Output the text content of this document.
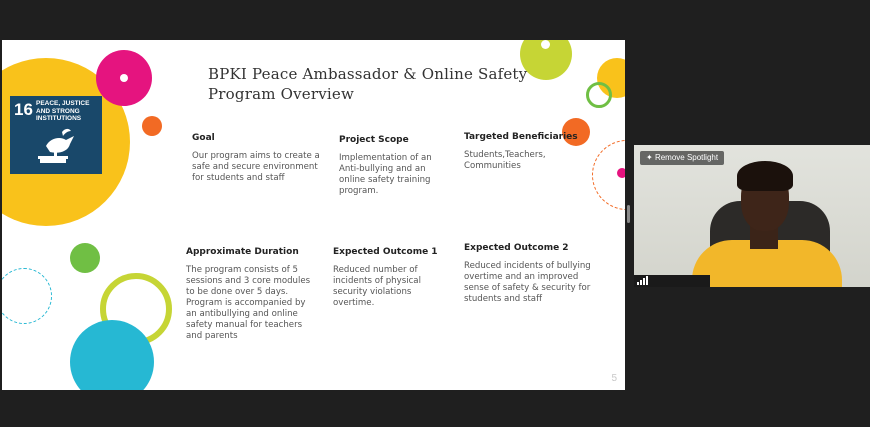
16 PEACE, JUSTICE AND STRONG INSTITUTIONS
BPKI Peace Ambassador & Online Safety
Program Overview
Goal

Our program aims to create a safe and secure environment for students and staff

Project Scope

Implementation of an Anti-bullying and an online safety training program.

Targeted Beneficiaries

Students,Teachers, Communities

Approximate Duration

The program consists of 5 sessions and 3 core modules to be done over 5 days. Program is accompanied by an antibullying and online safety manual for teachers and parents

Expected Outcome 1

Reduced number of incidents of physical security violations overtime.

Expected Outcome 2

Reduced incidents of bullying overtime and an improved sense of safety & security for students and staff

5
✦ Remove Spotlight
